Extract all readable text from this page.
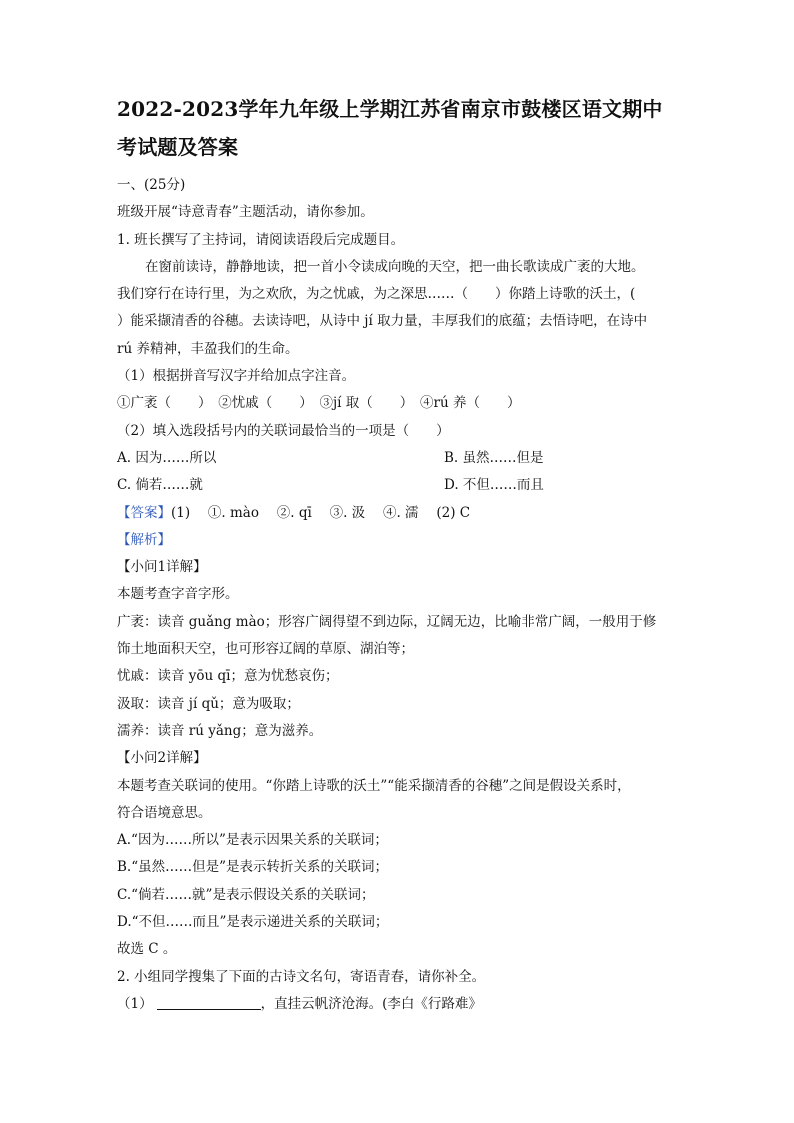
2022-2023学年九年级上学期江苏省南京市鼓楼区语文期中
考试题及答案
一、(25分)
班级开展“诗意青春”主题活动，请你参加。
1. 班长撰写了主持词，请阅读语段后完成题目。
在窗前读诗，静静地读，把一首小令读成向晚的天空，把一曲长歌读成广袤的大地。
我们穿行在诗行里，为之欢欣，为之忧戚，为之深思……（　　）你踏上诗歌的沃土，(
）能采撷清香的谷穗。去读诗吧，从诗中 jí 取力量，丰厚我们的底蕴；去悟诗吧，在诗中
rú 养精神，丰盈我们的生命。
（1）根据拼音写汉字并给加点字注音。
①广袤（　　）　②忧戚（　　）　③jí 取（　　）　④rú 养（　　）
（2）填入选段括号内的关联词最恰当的一项是（　　）
A. 因为……所以	B. 虽然……但是
C. 倘若……就	D. 不但……而且
【答案】(1)　 ①. mào　 ②. qī　 ③. 汲　 ④. 濡　 (2) C
【解析】
【小问1详解】
本题考查字音字形。
广袤：读音 guǎng mào；形容广阔得望不到边际，辽阔无边，比喻非常广阔，一般用于修
饰土地面积天空，也可形容辽阔的草原、湖泊等；
忧戚：读音 yōu qī；意为忧愁哀伤；
汲取：读音 jí qǔ；意为吸取；
濡养：读音 rú yǎng；意为滋养。
【小问2详解】
本题考查关联词的使用。“你踏上诗歌的沃土”“能采撷清香的谷穗”之间是假设关系时，
符合语境意思。
A.“因为……所以”是表示因果关系的关联词；
B.“虽然……但是”是表示转折关系的关联词；
C.“倘若……就”是表示假设关系的关联词；
D.“不但……而且”是表示递进关系的关联词；
故选 C 。
2. 小组同学搜集了下面的古诗文名句，寄语青春，请你补全。
（1）	，直挂云帆济沧海。(李白《行路难》
